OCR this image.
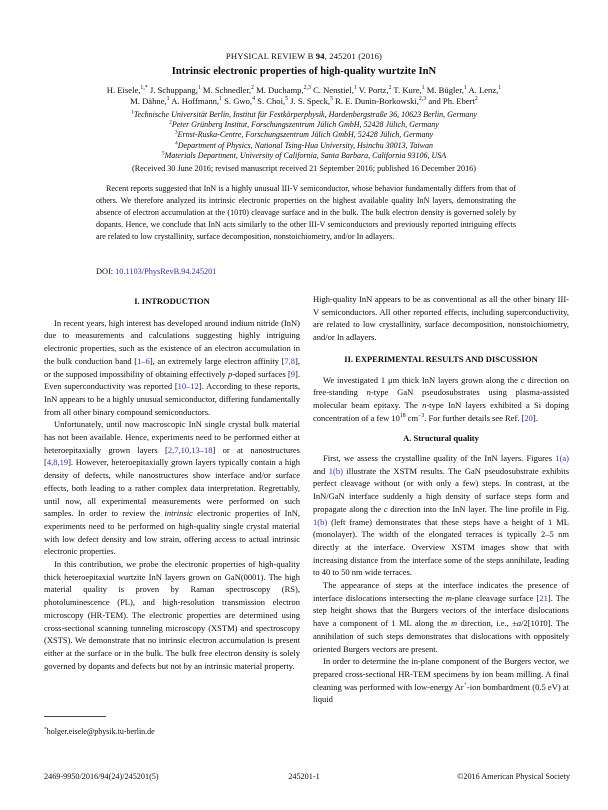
PHYSICAL REVIEW B 94, 245201 (2016)
Intrinsic electronic properties of high-quality wurtzite InN
H. Eisele,$^{1,*}$ J. Schuppang,$^1$ M. Schnedler,$^2$ M. Duchamp,$^{2,3}$ C. Nenstiel,$^1$ V. Portz,$^2$ T. Kure,$^1$ M. Bügler,$^1$ A. Lenz,$^1$
M. Dähne,$^1$ A. Hoffmann,$^1$ S. Gwo,$^4$ S. Choi,$^5$ J. S. Speck,$^5$ R. E. Dunin-Borkowski,$^{2,3}$ and Ph. Ebert$^2$
$^1$Technische Universität Berlin, Institut für Festkörperphysik, Hardenbergstraße 36, 10623 Berlin, Germany
$^2$Peter Grünberg Institut, Forschungszentrum Jülich GmbH, 52428 Jülich, Germany
$^3$Ernst-Ruska-Centre, Forschungszentrum Jülich GmbH, 52428 Jülich, Germany
$^4$Department of Physics, National Tsing-Hua University, Hsinchu 30013, Taiwan
$^5$Materials Department, University of California, Santa Barbara, California 93106, USA
(Received 30 June 2016; revised manuscript received 21 September 2016; published 16 December 2016)
Recent reports suggested that InN is a highly unusual III-V semiconductor, whose behavior fundamentally differs from that of others. We therefore analyzed its intrinsic electronic properties on the highest available quality InN layers, demonstrating the absence of electron accumulation at the (101̄0) cleavage surface and in the bulk. The bulk electron density is governed solely by dopants. Hence, we conclude that InN acts similarly to the other III-V semiconductors and previously reported intriguing effects are related to low crystallinity, surface decomposition, nonstoichiometry, and/or In adlayers.
DOI: 10.1103/PhysRevB.94.245201
I. INTRODUCTION

In recent years, high interest has developed around indium nitride (InN) due to measurements and calculations suggesting highly intriguing electronic properties, such as the existence of an electron accumulation in the bulk conduction band [1–6], an extremely large electron affinity [7,8], or the supposed impossibility of obtaining effectively p-doped surfaces [9]. Even superconductivity was reported [10–12]. According to these reports, InN appears to be a highly unusual semiconductor, differing fundamentally from all other binary compound semiconductors.

Unfortunately, until now macroscopic InN single crystal bulk material has not been available. Hence, experiments need to be performed either at heteroepitaxially grown layers [2,7,10,13–18] or at nanostructures [4,8,19]. However, heteroepitaxially grown layers typically contain a high density of defects, while nanostructures show interface and/or surface effects, both leading to a rather complex data interpretation. Regrettably, until now, all experimental measurements were performed on such samples. In order to review the intrinsic electronic properties of InN, experiments need to be performed on high-quality single crystal material with low defect density and low strain, offering access to actual intrinsic electronic properties.

In this contribution, we probe the electronic properties of high-quality thick heteroepitaxial wurtzite InN layers grown on GaN(0001). The high material quality is proven by Raman spectroscopy (RS), photoluminescence (PL), and high-resolution transmission electron microscopy (HR-TEM). The electronic properties are determined using cross-sectional scanning tunneling microscopy (XSTM) and spectroscopy (XSTS). We demonstrate that no intrinsic electron accumulation is present either at the surface or in the bulk. The bulk free electron density is solely governed by dopants and defects but not by an intrinsic material property.

High-quality InN appears to be as conventional as all the other binary III-V semiconductors. All other reported effects, including superconductivity, are related to low crystallinity, surface decomposition, nonstoichiometry, and/or In adlayers.

II. EXPERIMENTAL RESULTS AND DISCUSSION

We investigated 1 μm thick InN layers grown along the c direction on free-standing n-type GaN pseudosubstrates using plasma-assisted molecular beam epitaxy. The n-type InN layers exhibited a Si doping concentration of a few $10^{18}$ $cm^{-3}$. For further details see Ref. [20].

A. Structural quality

First, we assess the crystalline quality of the InN layers. Figures 1(a) and 1(b) illustrate the XSTM results. The GaN pseudosubstrate exhibits perfect cleavage without (or with only a few) steps. In contrast, at the InN/GaN interface suddenly a high density of surface steps form and propagate along the c direction into the InN layer. The line profile in Fig. 1(b) (left frame) demonstrates that these steps have a height of 1 ML (monolayer). The width of the elongated terraces is typically 2–5 nm directly at the interface. Overview XSTM images show that with increasing distance from the interface some of the steps annihilate, leading to 40 to 50 nm wide terraces.

The appearance of steps at the interface indicates the presence of interface dislocations intersecting the m-plane cleavage surface [21]. The step height shows that the Burgers vectors of the interface dislocations have a component of 1 ML along the m direction, i.e., ±a/2[101̄0]. The annihilation of such steps demonstrates that dislocations with oppositely oriented Burgers vectors are present.

In order to determine the in-plane component of the Burgers vector, we prepared cross-sectional HR-TEM specimens by ion beam milling. A final cleaning was performed with low-energy Ar+-ion bombardment (0.5 eV) at liquid

*holger.eisele@physik.tu-berlin.de
245201-1
2469-9950/2016/94(24)/245201(5)	©2016 American Physical Society
